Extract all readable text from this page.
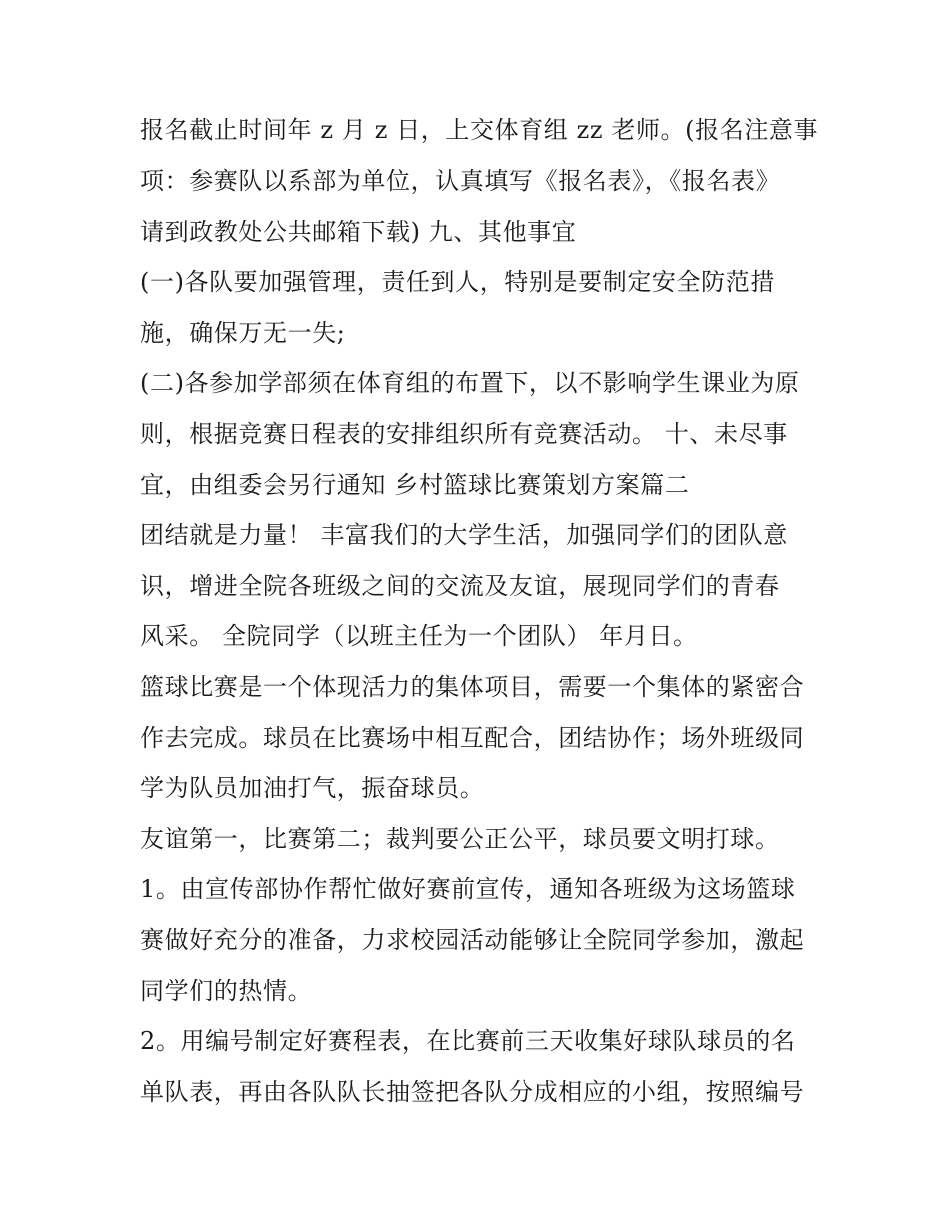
报名截止时间年 z 月 z 日，上交体育组 zz 老师。(报名注意事

项：参赛队以系部为单位，认真填写《报名表》，《报名表》

请到政教处公共邮箱下载) 九、其他事宜

(一)各队要加强管理，责任到人，特别是要制定安全防范措

施，确保万无一失;

(二)各参加学部须在体育组的布置下，以不影响学生课业为原

则，根据竞赛日程表的安排组织所有竞赛活动。 十、未尽事

宜，由组委会另行通知 乡村篮球比赛策划方案篇二

团结就是力量！ 丰富我们的大学生活，加强同学们的团队意

识，增进全院各班级之间的交流及友谊，展现同学们的青春

风采。 全院同学（以班主任为一个团队） 年月日。

篮球比赛是一个体现活力的集体项目，需要一个集体的紧密合

作去完成。球员在比赛场中相互配合，团结协作；场外班级同

学为队员加油打气，振奋球员。

友谊第一，比赛第二；裁判要公正公平，球员要文明打球。

1。由宣传部协作帮忙做好赛前宣传，通知各班级为这场篮球

赛做好充分的准备，力求校园活动能够让全院同学参加，激起

同学们的热情。

2。用编号制定好赛程表，在比赛前三天收集好球队球员的名

单队表，再由各队队长抽签把各队分成相应的小组，按照编号
